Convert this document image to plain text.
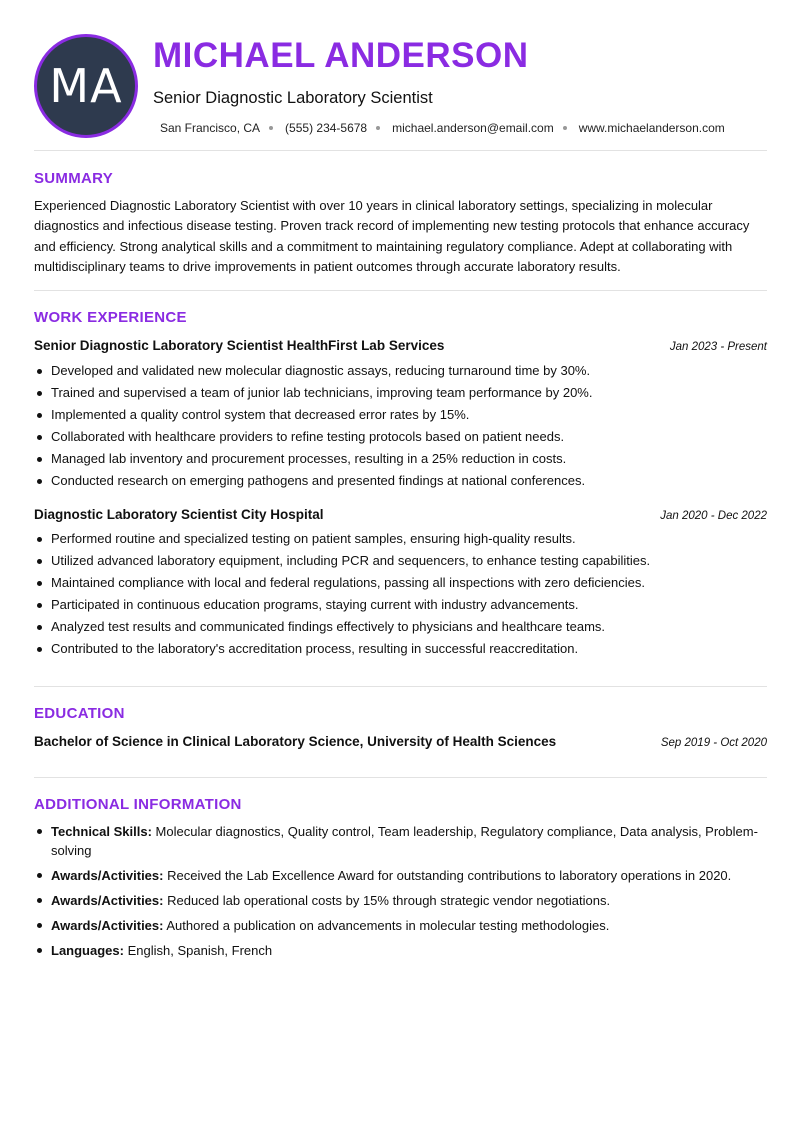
MA
MICHAEL ANDERSON
Senior Diagnostic Laboratory Scientist
San Francisco, CA (555) 234-5678 michael.anderson@email.com www.michaelanderson.com
SUMMARY
Experienced Diagnostic Laboratory Scientist with over 10 years in clinical laboratory settings, specializing in molecular diagnostics and infectious disease testing. Proven track record of implementing new testing protocols that enhance accuracy and efficiency. Strong analytical skills and a commitment to maintaining regulatory compliance. Adept at collaborating with multidisciplinary teams to drive improvements in patient outcomes through accurate laboratory results.
WORK EXPERIENCE
Senior Diagnostic Laboratory Scientist HealthFirst Lab Services	Jan 2023 - Present
Developed and validated new molecular diagnostic assays, reducing turnaround time by 30%.
Trained and supervised a team of junior lab technicians, improving team performance by 20%.
Implemented a quality control system that decreased error rates by 15%.
Collaborated with healthcare providers to refine testing protocols based on patient needs.
Managed lab inventory and procurement processes, resulting in a 25% reduction in costs.
Conducted research on emerging pathogens and presented findings at national conferences.
Diagnostic Laboratory Scientist City Hospital	Jan 2020 - Dec 2022
Performed routine and specialized testing on patient samples, ensuring high-quality results.
Utilized advanced laboratory equipment, including PCR and sequencers, to enhance testing capabilities.
Maintained compliance with local and federal regulations, passing all inspections with zero deficiencies.
Participated in continuous education programs, staying current with industry advancements.
Analyzed test results and communicated findings effectively to physicians and healthcare teams.
Contributed to the laboratory's accreditation process, resulting in successful reaccreditation.
EDUCATION
Bachelor of Science in Clinical Laboratory Science, University of Health Sciences	Sep 2019 - Oct 2020
ADDITIONAL INFORMATION
Technical Skills: Molecular diagnostics, Quality control, Team leadership, Regulatory compliance, Data analysis, Problem-solving
Awards/Activities: Received the Lab Excellence Award for outstanding contributions to laboratory operations in 2020.
Awards/Activities: Reduced lab operational costs by 15% through strategic vendor negotiations.
Awards/Activities: Authored a publication on advancements in molecular testing methodologies.
Languages: English, Spanish, French
